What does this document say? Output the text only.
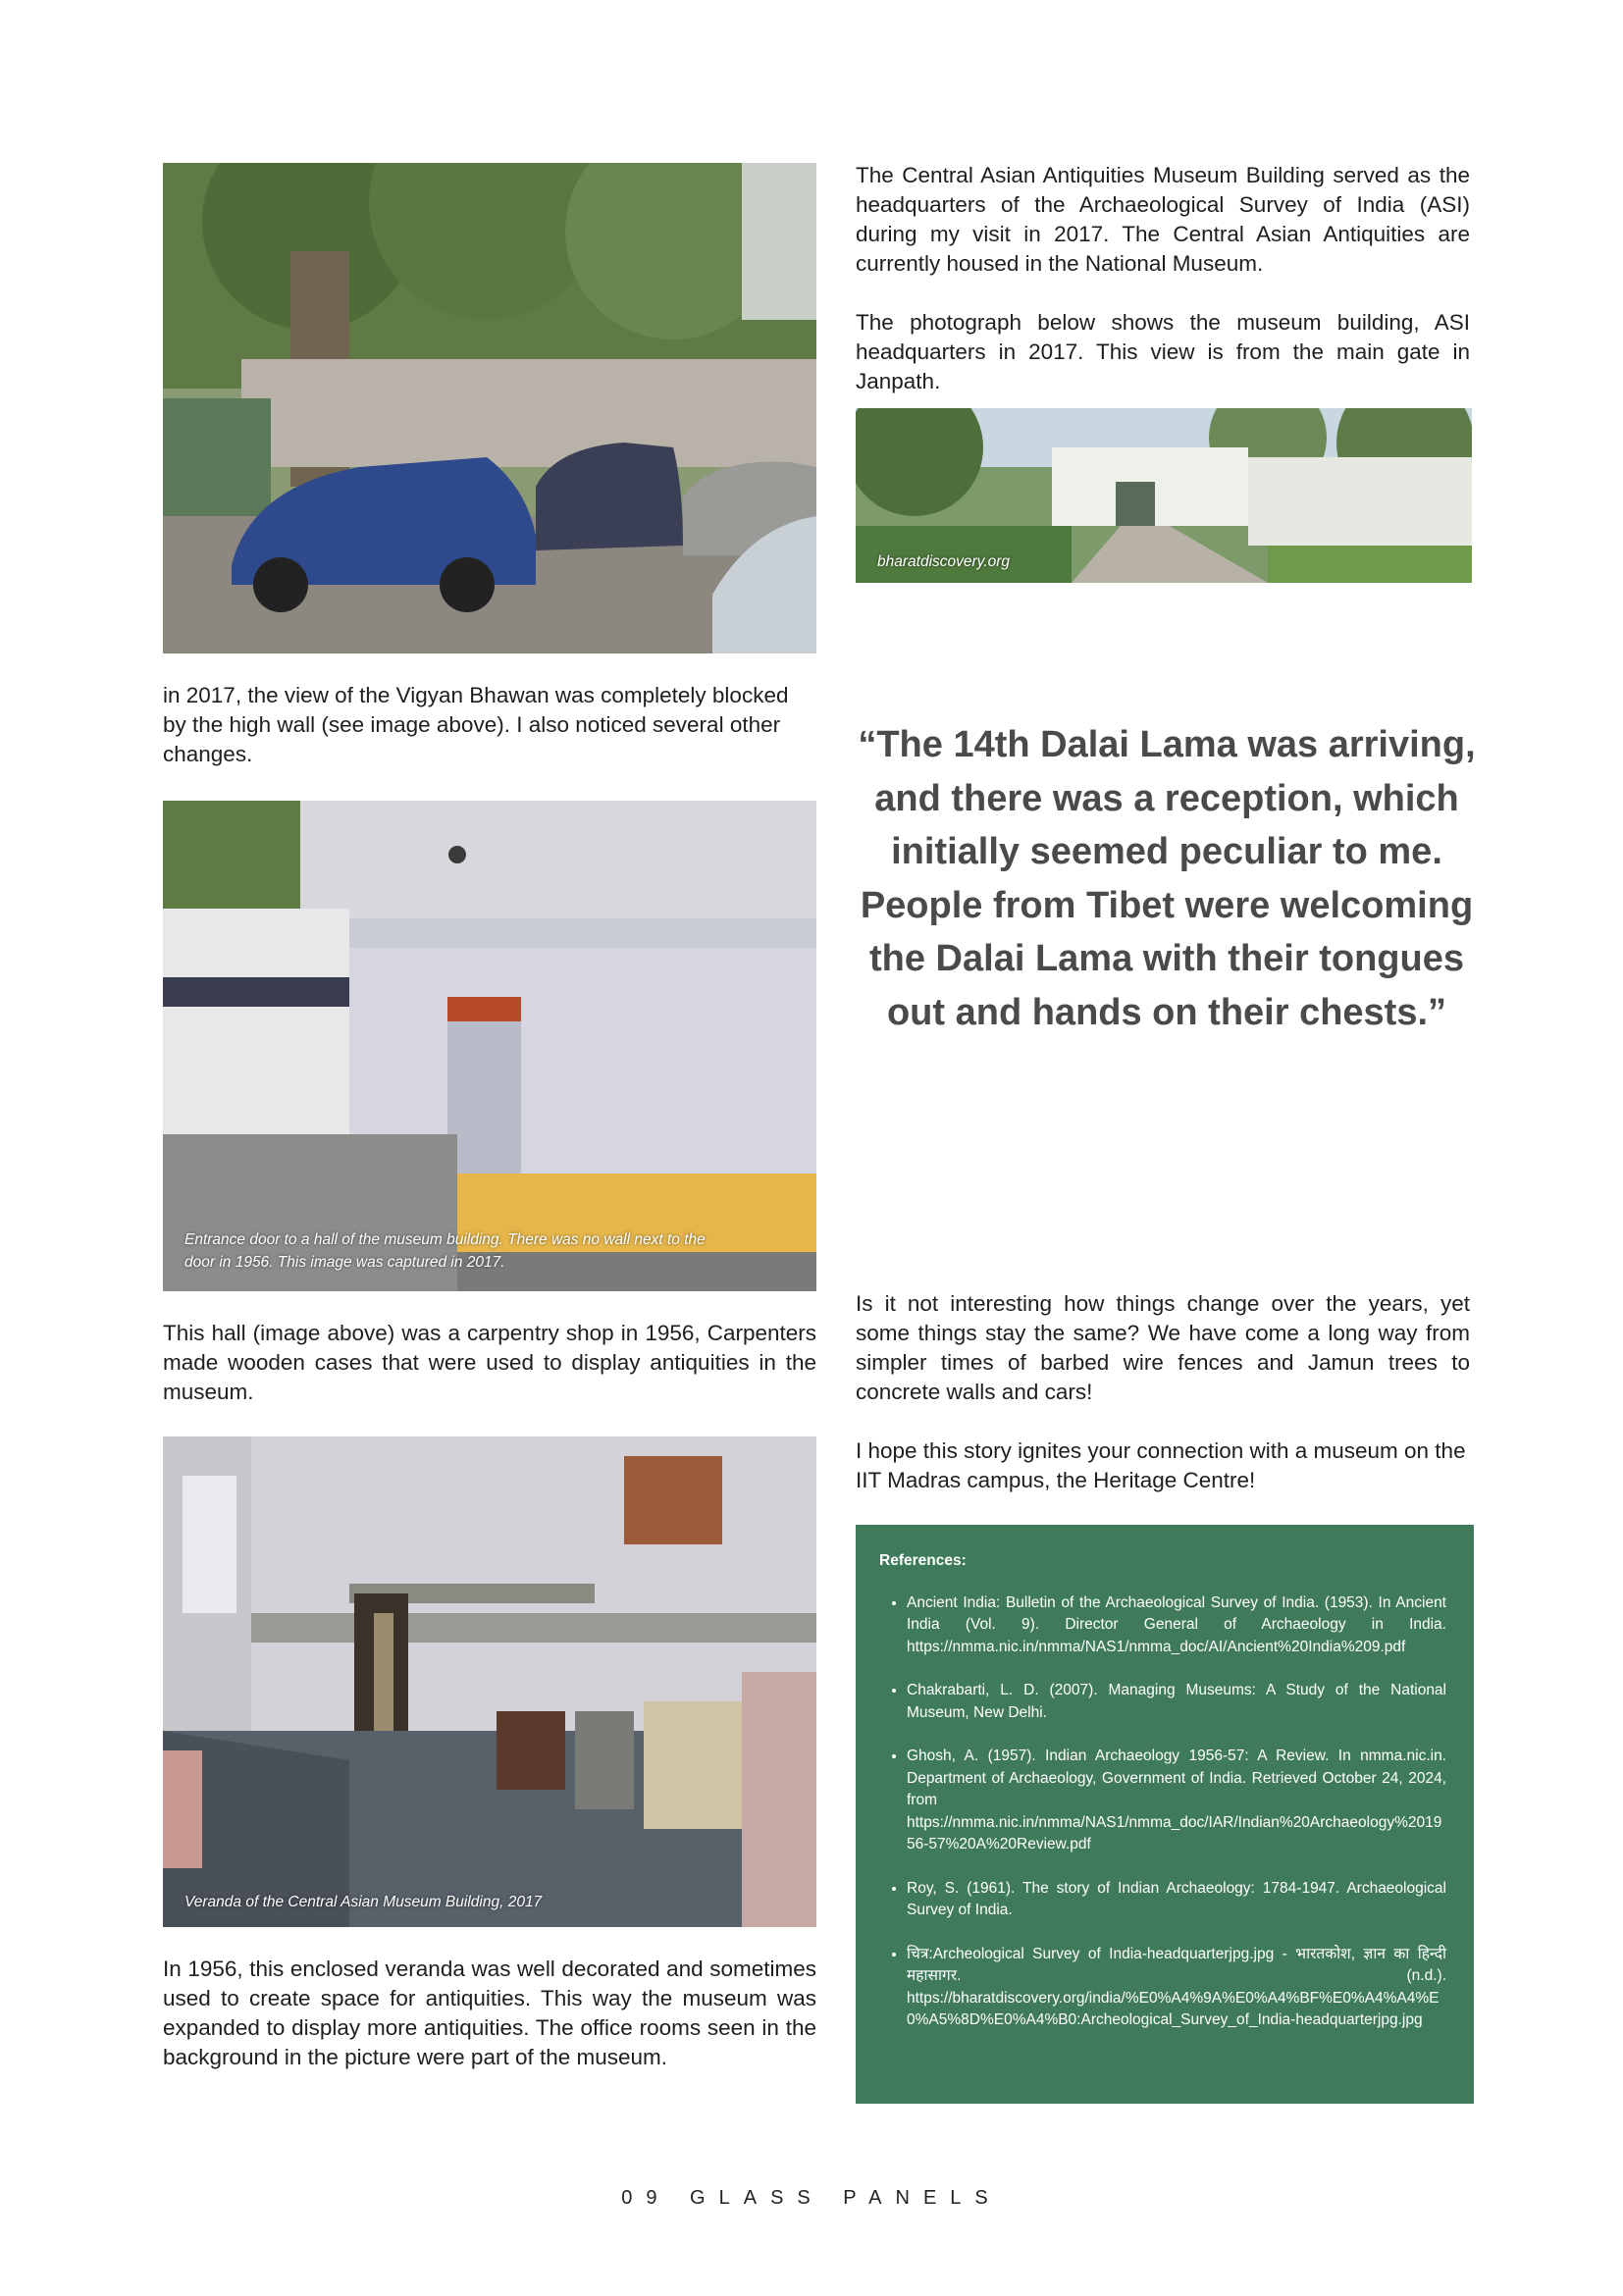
The Central Asian Antiquities Museum Building served as the headquarters of the Archaeological Survey of India (ASI) during my visit in 2017. The Central Asian Antiquities are currently housed in the National Museum.

The photograph below shows the museum building, ASI headquarters in 2017. This view is from the main gate in Janpath.

bharatdiscovery.org

in 2017, the view of the Vigyan Bhawan was completely blocked by the high wall (see image above). I also noticed several other changes.

Entrance door to a hall of the museum building. There was no wall next to the door in 1956. This image was captured in 2017.

This hall (image above) was a carpentry shop in 1956, Carpenters made wooden cases that were used to display antiquities in the museum.

Veranda of the Central Asian Museum Building, 2017

In 1956, this enclosed veranda was well decorated and sometimes used to create space for antiquities. This way the museum was expanded to display more antiquities. The office rooms seen in the background in the picture were part of the museum.

“The 14th Dalai Lama was arriving, and there was a reception, which initially seemed peculiar to me.
People from Tibet were welcoming the Dalai Lama with their tongues out and hands on their chests.”

Is it not interesting how things change over the years, yet some things stay the same? We have come a long way from simpler times of barbed wire fences and Jamun trees to concrete walls and cars!

I hope this story ignites your connection with a museum on the IIT Madras campus, the Heritage Centre!

References:
• Ancient India: Bulletin of the Archaeological Survey of India. (1953). In Ancient India (Vol. 9). Director General of Archaeology in India. https://nmma.nic.in/nmma/NAS1/nmma_doc/AI/Ancient%20India%209.pdf
• Chakrabarti, L. D. (2007). Managing Museums: A Study of the National Museum, New Delhi.
• Ghosh, A. (1957). Indian Archaeology 1956-57: A Review. In nmma.nic.in. Department of Archaeology, Government of India. Retrieved October 24, 2024, from https://nmma.nic.in/nmma/NAS1/nmma_doc/IAR/Indian%20Archaeology%201956-57%20A%20Review.pdf
• Roy, S. (1961). The story of Indian Archaeology: 1784-1947. Archaeological Survey of India.
• चित्र:Archeological Survey of India-headquarterjpg.jpg - भारतकोश, ज्ञान का हिन्दी महासागर. (n.d.). https://bharatdiscovery.org/india/%E0%A4%9A%E0%A4%BF%E0%A4%A4%E0%A5%8D%E0%A4%B0:Archeological_Survey_of_India-headquarterjpg.jpg
09 GLASS PANELS
